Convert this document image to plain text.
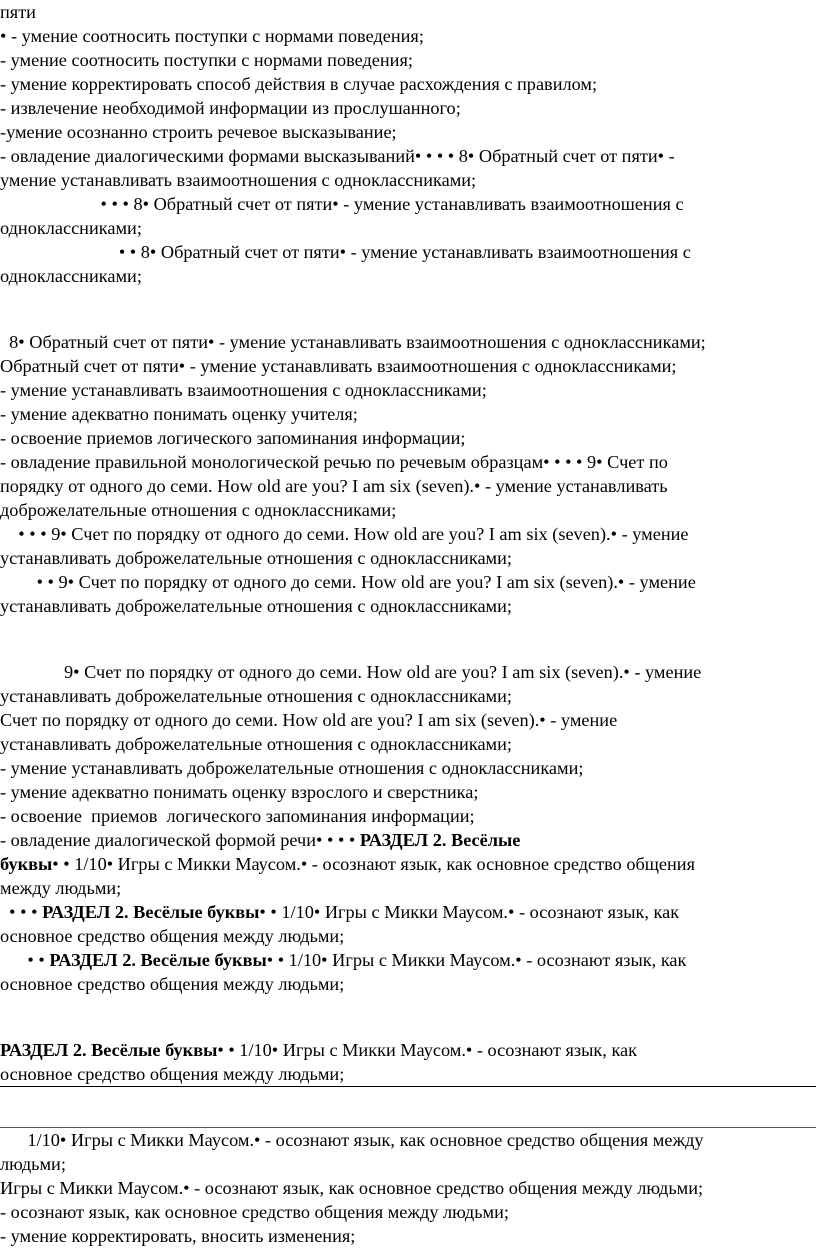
пяти
• - умение соотносить поступки с нормами поведения;
- умение соотносить поступки с нормами поведения;
- умение корректировать способ действия в случае расхождения с правилом;
- извлечение необходимой информации из прослушанного;
-умение осознанно строить речевое высказывание;
- овладение диалогическими формами высказываний• • • • 8• Обратный счет от пяти• -
умение устанавливать взаимоотношения с одноклассниками;
• • • 8• Обратный счет от пяти• - умение устанавливать взаимоотношения с
одноклассниками;
• • 8• Обратный счет от пяти• - умение устанавливать взаимоотношения с
одноклассниками;
8• Обратный счет от пяти• - умение устанавливать взаимоотношения с одноклассниками;
Обратный счет от пяти• - умение устанавливать взаимоотношения с одноклассниками;
- умение устанавливать взаимоотношения с одноклассниками;
- умение адекватно понимать оценку учителя;
- освоение приемов логического запоминания информации;
- овладение правильной монологической речью по речевым образцам• • • • 9• Счет по
порядку от одного до семи. How old are you? I am six (seven).• - умение устанавливать
доброжелательные отношения с одноклассниками;
• • • 9• Счет по порядку от одного до семи. How old are you? I am six (seven).• - умение
устанавливать доброжелательные отношения с одноклассниками;
• • 9• Счет по порядку от одного до семи. How old are you? I am six (seven).• - умение
устанавливать доброжелательные отношения с одноклассниками;
9• Счет по порядку от одного до семи. How old are you? I am six (seven).• - умение
устанавливать доброжелательные отношения с одноклассниками;
Счет по порядку от одного до семи. How old are you? I am six (seven).• - умение
устанавливать доброжелательные отношения с одноклассниками;
- умение устанавливать доброжелательные отношения с одноклассниками;
- умение адекватно понимать оценку взрослого и сверстника;
- освоение  приемов  логического запоминания информации;
- овладение диалогической формой речи• • • • РАЗДЕЛ 2. Весёлые
буквы• • 1/10• Игры с Микки Маусом.• - осознают язык, как основное средство общения
между людьми;
• • • РАЗДЕЛ 2. Весёлые буквы• • 1/10• Игры с Микки Маусом.• - осознают язык, как
основное средство общения между людьми;
• • РАЗДЕЛ 2. Весёлые буквы• • 1/10• Игры с Микки Маусом.• - осознают язык, как
основное средство общения между людьми;
РАЗДЕЛ 2. Весёлые буквы• • 1/10• Игры с Микки Маусом.• - осознают язык, как
основное средство общения между людьми;
1/10• Игры с Микки Маусом.• - осознают язык, как основное средство общения между
людьми;
Игры с Микки Маусом.• - осознают язык, как основное средство общения между людьми;
- осознают язык, как основное средство общения между людьми;
- умение корректировать, вносить изменения;
